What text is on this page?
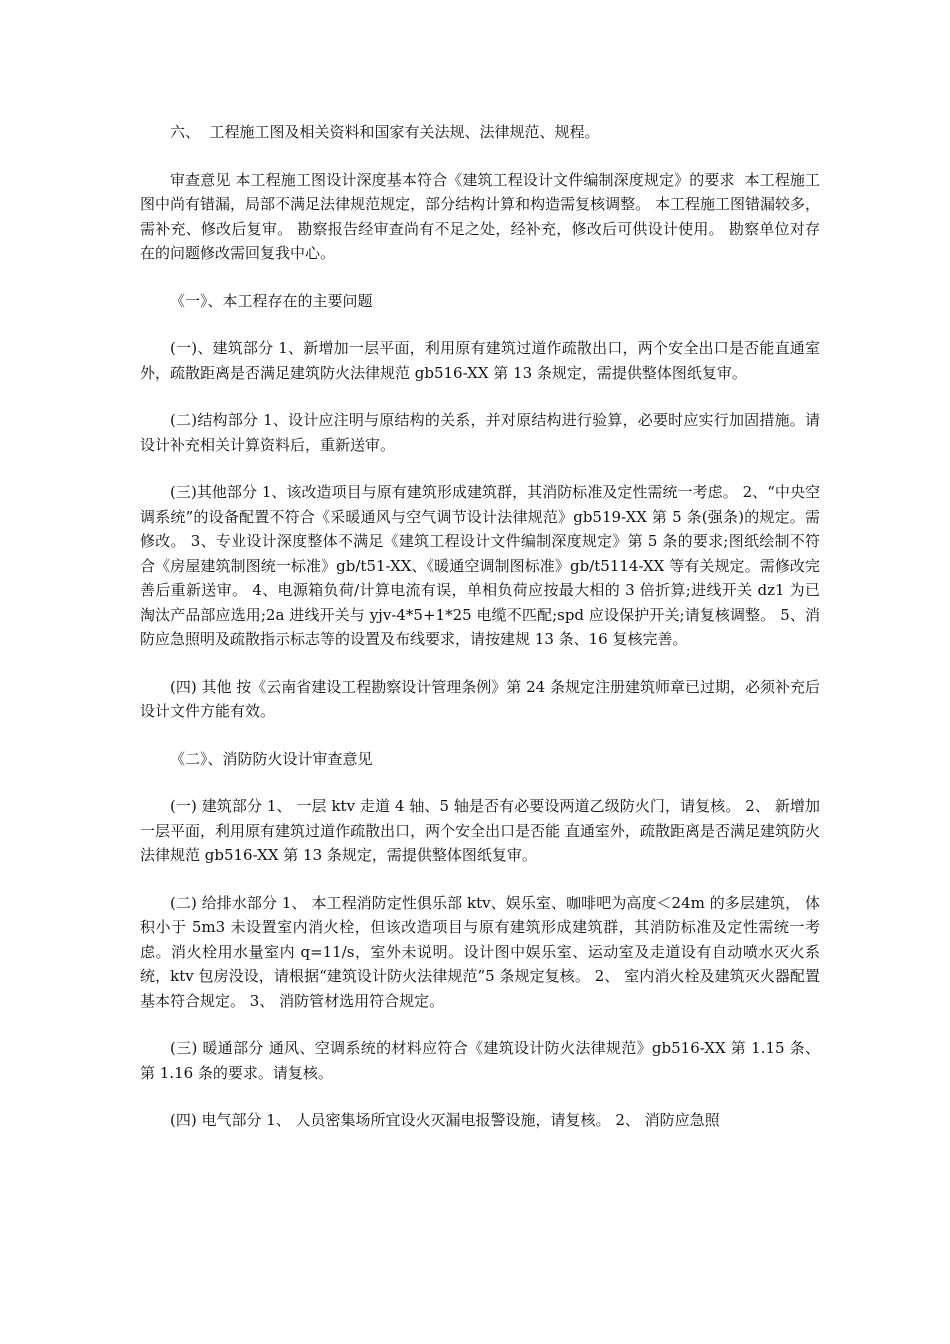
六、  工程施工图及相关资料和国家有关法规、法律规范、规程。

审查意见 本工程施工图设计深度基本符合《建筑工程设计文件编制深度规定》的要求  本工程施工图中尚有错漏，局部不满足法律规范规定，部分结构计算和构造需复核调整。 本工程施工图错漏较多，需补充、修改后复审。 勘察报告经审查尚有不足之处，经补充，修改后可供设计使用。 勘察单位对存在的问题修改需回复我中心。

《一》、本工程存在的主要问题

(一)、建筑部分 1、新增加一层平面，利用原有建筑过道作疏散出口，两个安全出口是否能直通室外，疏散距离是否满足建筑防火法律规范 gb516-XX 第 13 条规定，需提供整体图纸复审。

(二)结构部分 1、设计应注明与原结构的关系，并对原结构进行验算，必要时应实行加固措施。请设计补充相关计算资料后，重新送审。

(三)其他部分 1、该改造项目与原有建筑形成建筑群，其消防标准及定性需统一考虑。 2、“中央空调系统”的设备配置不符合《采暖通风与空气调节设计法律规范》gb519-XX 第 5 条(强条)的规定。需修改。 3、专业设计深度整体不满足《建筑工程设计文件编制深度规定》第 5 条的要求;图纸绘制不符合《房屋建筑制图统一标准》gb/t51-XX、《暖通空调制图标准》gb/t5114-XX 等有关规定。需修改完善后重新送审。 4、电源箱负荷/计算电流有误，单相负荷应按最大相的 3 倍折算;进线开关 dz1 为已淘汰产品部应选用;2a 进线开关与 yjv-4*5+1*25 电缆不匹配;spd 应设保护开关;请复核调整。 5、消防应急照明及疏散指示标志等的设置及布线要求，请按建规 13 条、16 复核完善。

(四) 其他 按《云南省建设工程勘察设计管理条例》第 24 条规定注册建筑师章已过期，必须补充后设计文件方能有效。

《二》、消防防火设计审查意见

(一) 建筑部分 1、 一层 ktv 走道 4 轴、5 轴是否有必要设两道乙级防火门，请复核。 2、 新增加一层平面，利用原有建筑过道作疏散出口，两个安全出口是否能 直通室外，疏散距离是否满足建筑防火法律规范 gb516-XX 第 13 条规定，需提供整体图纸复审。

(二) 给排水部分 1、 本工程消防定性俱乐部 ktv、娱乐室、咖啡吧为高度＜24m 的多层建筑， 体积小于 5m3 未设置室内消火栓，但该改造项目与原有建筑形成建筑群，其消防标准及定性需统一考虑。消火栓用水量室内 q=11/s，室外未说明。设计图中娱乐室、运动室及走道设有自动喷水灭火系统，ktv 包房没设，请根据“建筑设计防火法律规范”5 条规定复核。 2、 室内消火栓及建筑灭火器配置基本符合规定。 3、 消防管材选用符合规定。

(三) 暖通部分 通风、空调系统的材料应符合《建筑设计防火法律规范》gb516-XX 第 1.15 条、第 1.16 条的要求。请复核。

(四) 电气部分 1、 人员密集场所宜设火灭漏电报警设施，请复核。 2、 消防应急照
